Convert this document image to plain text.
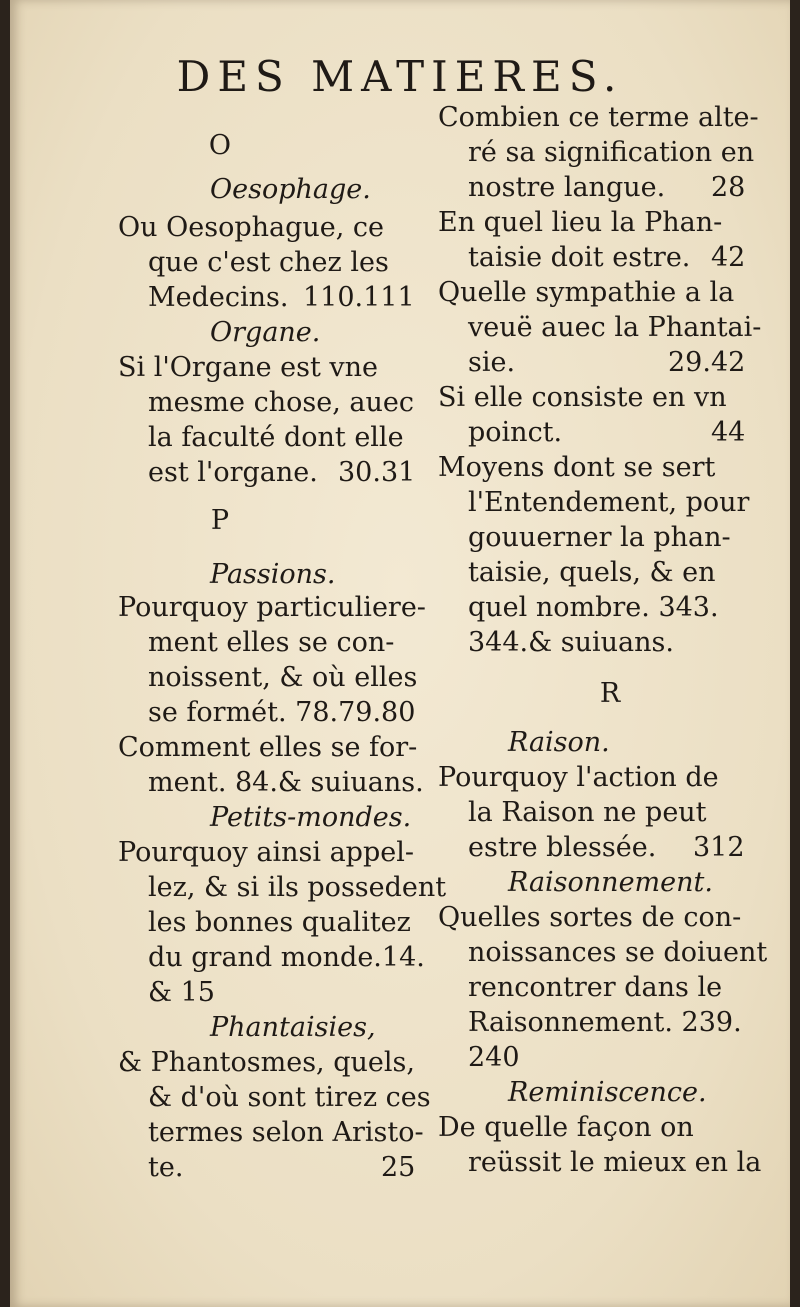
DES MATIERES.
O
Oesophage.
Ou Oesophague, ce
que c'est chez les
Medecins. 110.111
Organe.
Si l'Organe est vne
mesme chose, auec
la faculté dont elle
est l'organe. 30.31
P
Passions.
Pourquoy particuliere-
ment elles se con-
noissent, & où elles
se formét. 78.79.80
Comment elles se for-
ment. 84.& suiuans.
Petits-mondes.
Pourquoy ainsi appel-
lez, & si ils possedent
les bonnes qualitez
du grand monde.14.
& 15
Phantaisies,
& Phantosmes, quels,
& d'où sont tirez ces
termes selon Aristo-
te.	25
Combien ce terme alte-
ré sa signification en
nostre langue. 28
En quel lieu la Phan-
taisie doit estre. 42
Quelle sympathie a la
veuë auec la Phantai-
sie.	29.42
Si elle consiste en vn
poinct.	44
Moyens dont se sert
l'Entendement, pour
gouuerner la phan-
taisie, quels, & en
quel nombre. 343.
344.& suiuans.
R
Raison.
Pourquoy l'action de
la Raison ne peut
estre blessée. 312
Raisonnement.
Quelles sortes de con-
noissances se doiuent
rencontrer dans le
Raisonnement. 239.
240
Reminiscence.
De quelle façon on
reüssit le mieux en la
